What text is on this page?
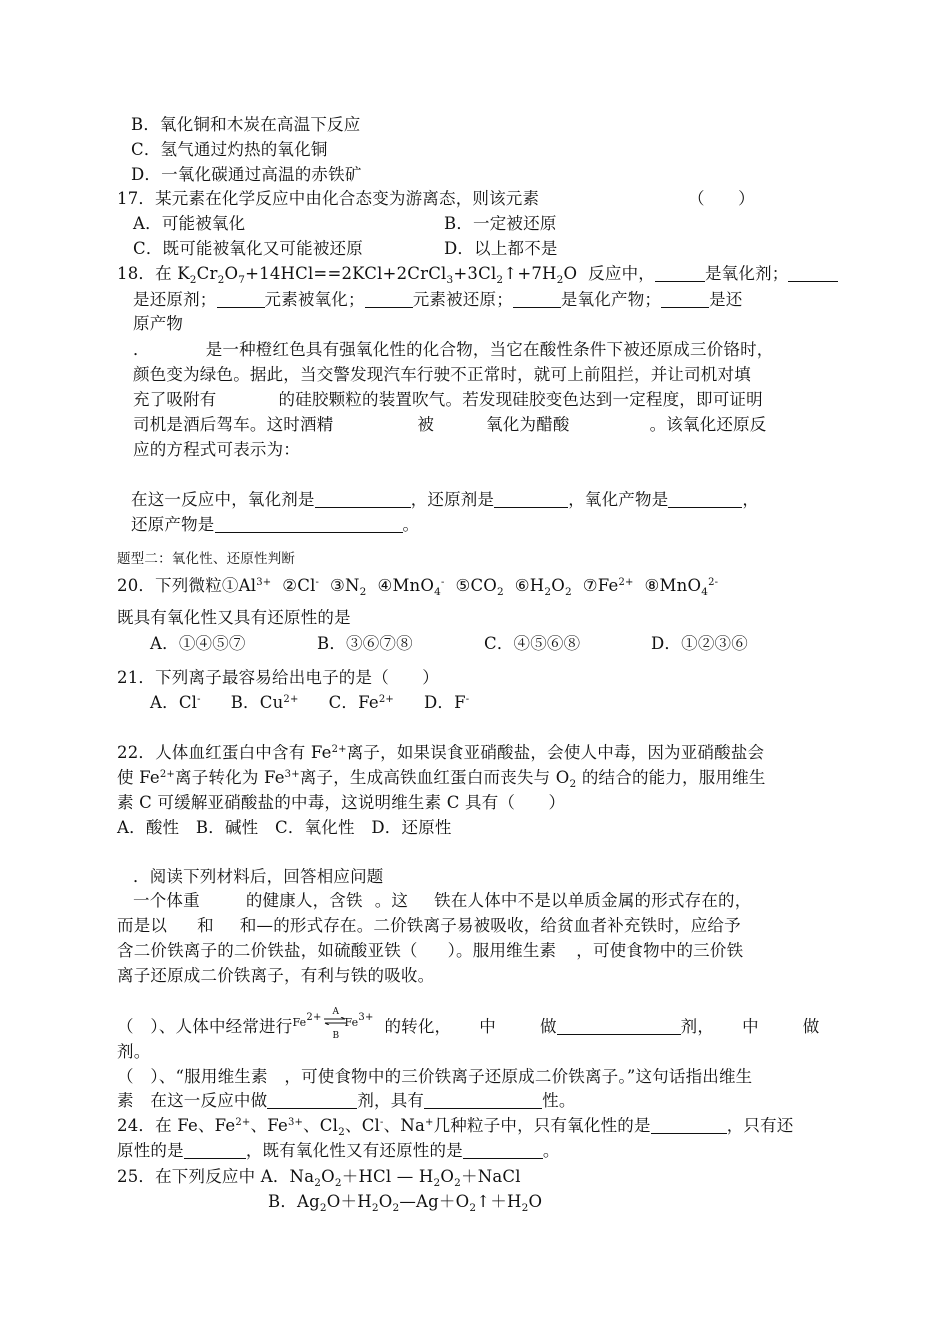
B．氧化铜和木炭在高温下反应
C．氢气通过灼热的氧化铜
D．一氧化碳通过高温的赤铁矿
17．某元素在化学反应中由化合态变为游离态，则该元素	（　　）
A．可能被氧化	B．一定被还原
C．既可能被氧化又可能被还原	D．以上都不是
18．在 $K_2Cr_2O_7+14HCl==2KCl+2CrCl_3+3Cl_2↑+7H_2O$  反应中，	是氧化剂；
是还原剂；	元素被氧化；	元素被还原；	是氧化产物；	是还
原产物
．	是一种橙红色具有强氧化性的化合物，当它在酸性条件下被还原成三价铬时，
颜色变为绿色。据此，当交警发现汽车行驶不正常时，就可上前阻拦，并让司机对填
充了吸附有	的硅胶颗粒的装置吹气。若发现硅胶变色达到一定程度，即可证明
司机是酒后驾车。这时酒精	被	氧化为醋酸	。该氧化还原反
应的方程式可表示为：
在这一反应中，氧化剂是	，还原剂是	，氧化产物是	，
还原产物是	。
题型二：氧化性、还原性判断
20．下列微粒$①Al^{3+}$ ②Cl- $③N_2$ ④MnO$_4$- $⑤CO_2$ $⑥H_2O_2$ $⑦Fe^{2+}$ ⑧MnO$_4^{2-}$
既具有氧化性又具有还原性的是
A．①④⑤⑦	B．③⑥⑦⑧	C．④⑤⑥⑧	D．①②③⑥
21．下列离子最容易给出电子的是（　　）
A．Cl- B．$Cu^{2+}$ C．$Fe^{2+}$ D．F-
22．人体血红蛋白中含有 $Fe^{2+}$离子，如果误食亚硝酸盐，会使人中毒，因为亚硝酸盐会
使 $Fe^{2+}$离子转化为 $Fe^{3+}$离子，生成高铁血红蛋白而丧失与 $O_2$ 的结合的能力，服用维生
素 C 可缓解亚硝酸盐的中毒，这说明维生素 C 具有（　　）
A．酸性　B．碱性　C．氧化性　D．还原性
．阅读下列材料后，回答相应问题
一个体重	的健康人，含铁 。这 铁在人体中不是以单质金属的形式存在的，
而是以 和 和—的形式存在。二价铁离子易被吸收，给贫血者补充铁时，应给予
含二价铁离子的二价铁盐，如硫酸亚铁（ ）。服用维生素 ，可使食物中的三价铁
离子还原成二价铁离子，有利与铁的吸收。
（　）、人体中经常进行 $Fe^{2+}$ A
B
$Fe^{3+}$ 的转化， 中	做	剂， 中	做
剂。
（　）、“服用维生素　，可使食物中的三价铁离子还原成二价铁离子。”这句话指出维生
素　在这一反应中做	剂，具有	性。
24．在 Fe、$Fe^{2+}$、$Fe^{3+}$、$Cl_2$、Cl-、Na+几种粒子中，只有氧化性的是	，只有还
原性的是	，既有氧化性又有还原性的是	。
25．在下列反应中 A．$Na_2O_2+HCl$ — $H_2O_2+NaCl$
B．$Ag_2O+H_2O_2—Ag+O_2↑+H_2O$
